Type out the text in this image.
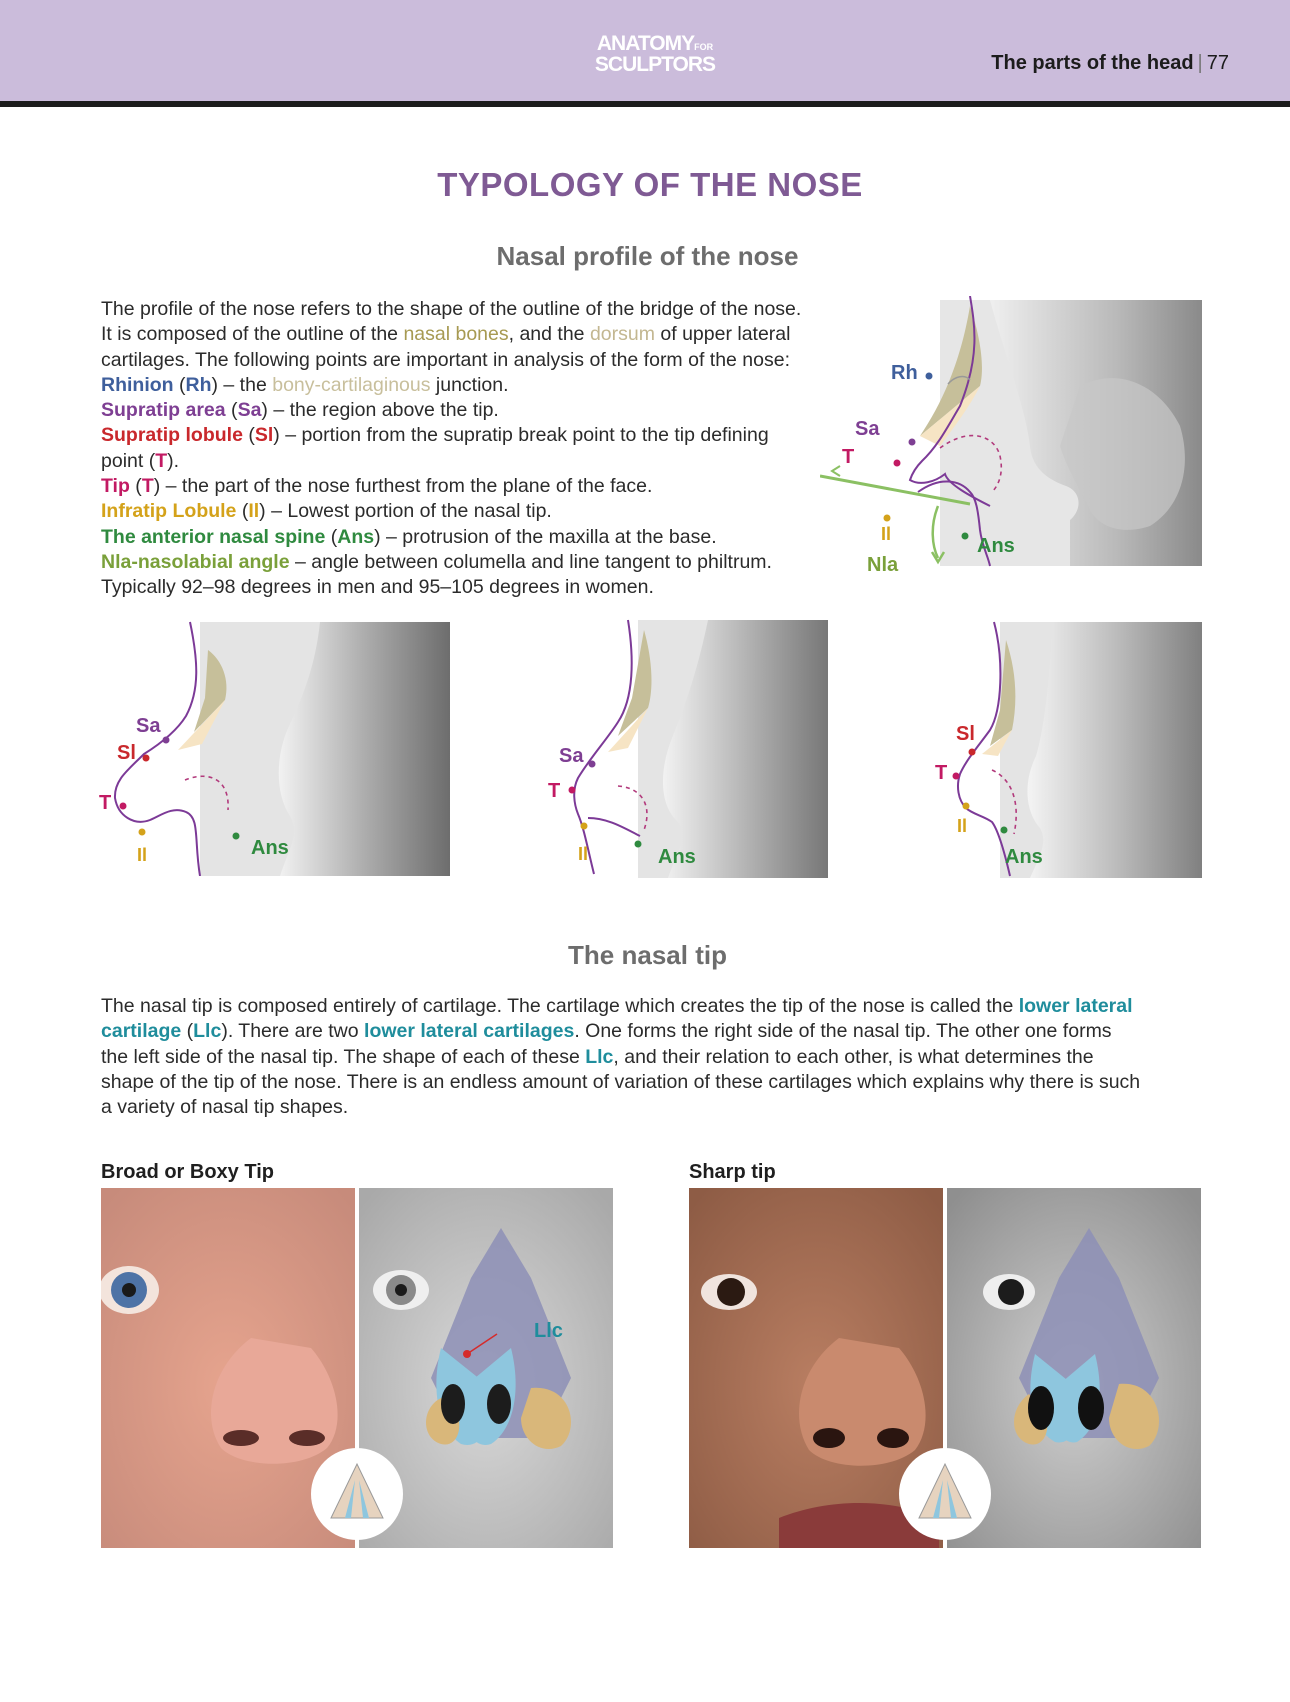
ANATOMYFOR
SCULPTORS	The parts of the head | 77
TYPOLOGY OF THE NOSE
Nasal profile of the nose

The profile of the nose refers to the shape of the outline of the bridge of the nose.

It is composed of the outline of the nasal bones, and the dorsum of upper lateral

cartilages. The following points are important in analysis of the form of the nose:

Rhinion (Rh) – the bony-cartilaginous junction.

Supratip area (Sa) – the region above the tip.

Supratip lobule (Sl) – portion from the supratip break point to the tip defining

point (T).

Tip (T) – the part of the nose furthest from the plane of the face.

Infratip Lobule (Il) – Lowest portion of the nasal tip.

The anterior nasal spine (Ans) – protrusion of the maxilla at the base.

Nla-nasolabial angle – angle between columella and line tangent to philtrum.

Typically 92–98 degrees in men and 95–105 degrees in women.

Rh
Sa
T
Il
Nla
Ans
Sa
Sl
T
Il	Ans
Sa
T
Il	Ans
Sl
T
Il
Ans
The nasal tip

The nasal tip is composed entirely of cartilage. The cartilage which creates the tip of the nose is called the lower lateral

cartilage (Llc). There are two lower lateral cartilages. One forms the right side of the nasal tip. The other one forms

the left side of the nasal tip. The shape of each of these Llc, and their relation to each other, is what determines the

shape of the tip of the nose. There is an endless amount of variation of these cartilages which explains why there is such

a variety of nasal tip shapes.

Broad or Boxy Tip	Sharp tip
Llc
